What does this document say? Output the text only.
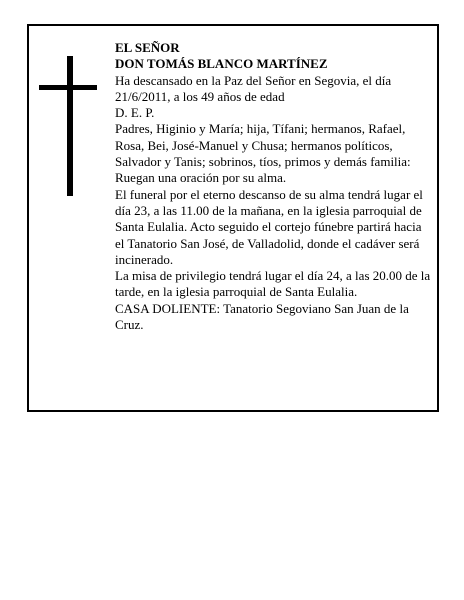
EL SEÑOR

DON TOMÁS BLANCO MARTÍNEZ

Ha descansado en la Paz del Señor en Segovia, el día 21/6/2011, a los 49 años de edad

D. E. P.

Padres, Higinio y María; hija, Tífani; hermanos, Rafael, Rosa, Bei, José-Manuel y Chusa; hermanos políticos, Salvador y Tanis; sobrinos, tíos, primos y demás familia:

Ruegan una oración por su alma.

El funeral por el eterno descanso de su alma tendrá lugar el día 23, a las 11.00 de la mañana, en la iglesia parroquial de Santa Eulalia. Acto seguido el cortejo fúnebre partirá hacia el Tanatorio San José, de Valladolid, donde el cadáver será incinerado.

La misa de privilegio tendrá lugar el día 24, a las 20.00 de la tarde, en la iglesia parroquial de Santa Eulalia.

CASA DOLIENTE: Tanatorio Segoviano San Juan de la Cruz.
